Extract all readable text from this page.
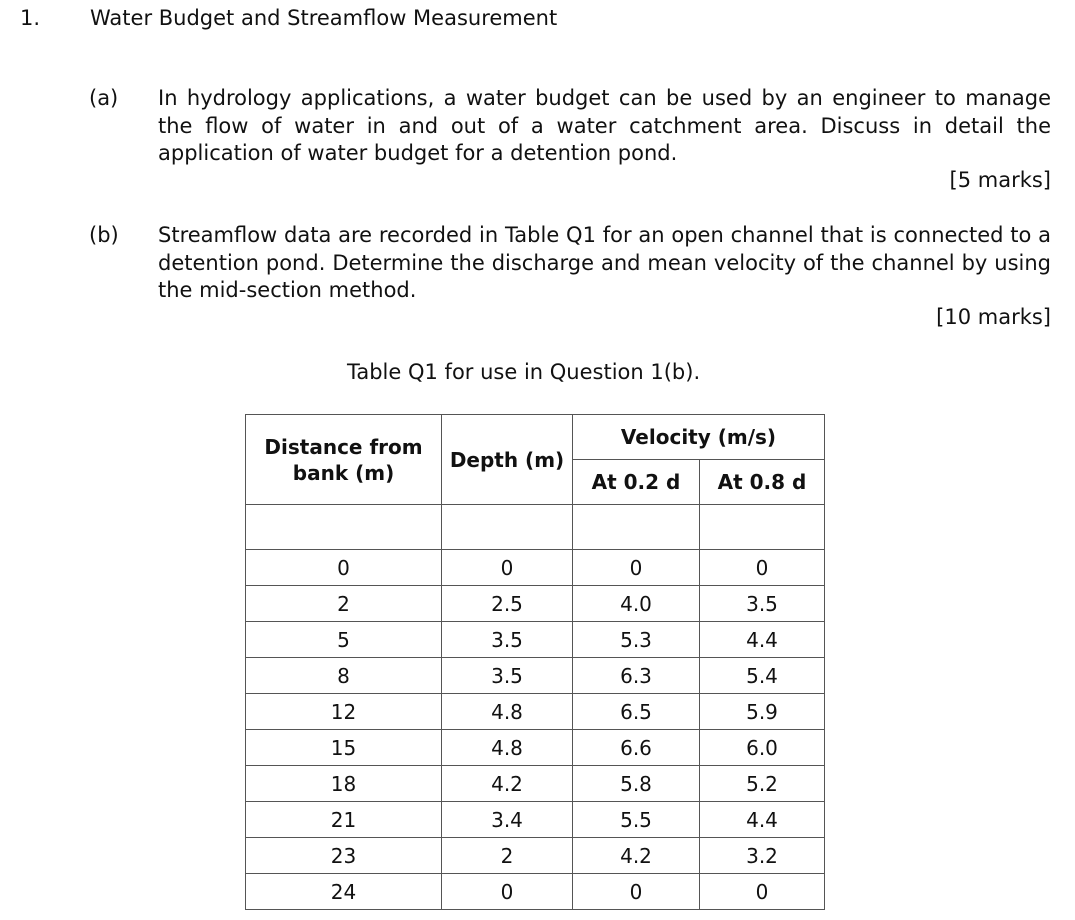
1. Water Budget and Streamflow Measurement
(a) In hydrology applications, a water budget can be used by an engineer to manage the flow of water in and out of a water catchment area. Discuss in detail the application of water budget for a detention pond.
[5 marks]
(b) Streamflow data are recorded in Table Q1 for an open channel that is connected to a detention pond. Determine the discharge and mean velocity of the channel by using the mid-section method.
[10 marks]
Table Q1 for use in Question 1(b).
Distance from bank (m)	Depth (m)	Velocity (m/s)	
		At 0.2 d	At 0.8 d

0	0	0	0
2	2.5	4.0	3.5
5	3.5	5.3	4.4
8	3.5	6.3	5.4
12	4.8	6.5	5.9
15	4.8	6.6	6.0
18	4.2	5.8	5.2
21	3.4	5.5	4.4
23	2	4.2	3.2
24	0	0	0
